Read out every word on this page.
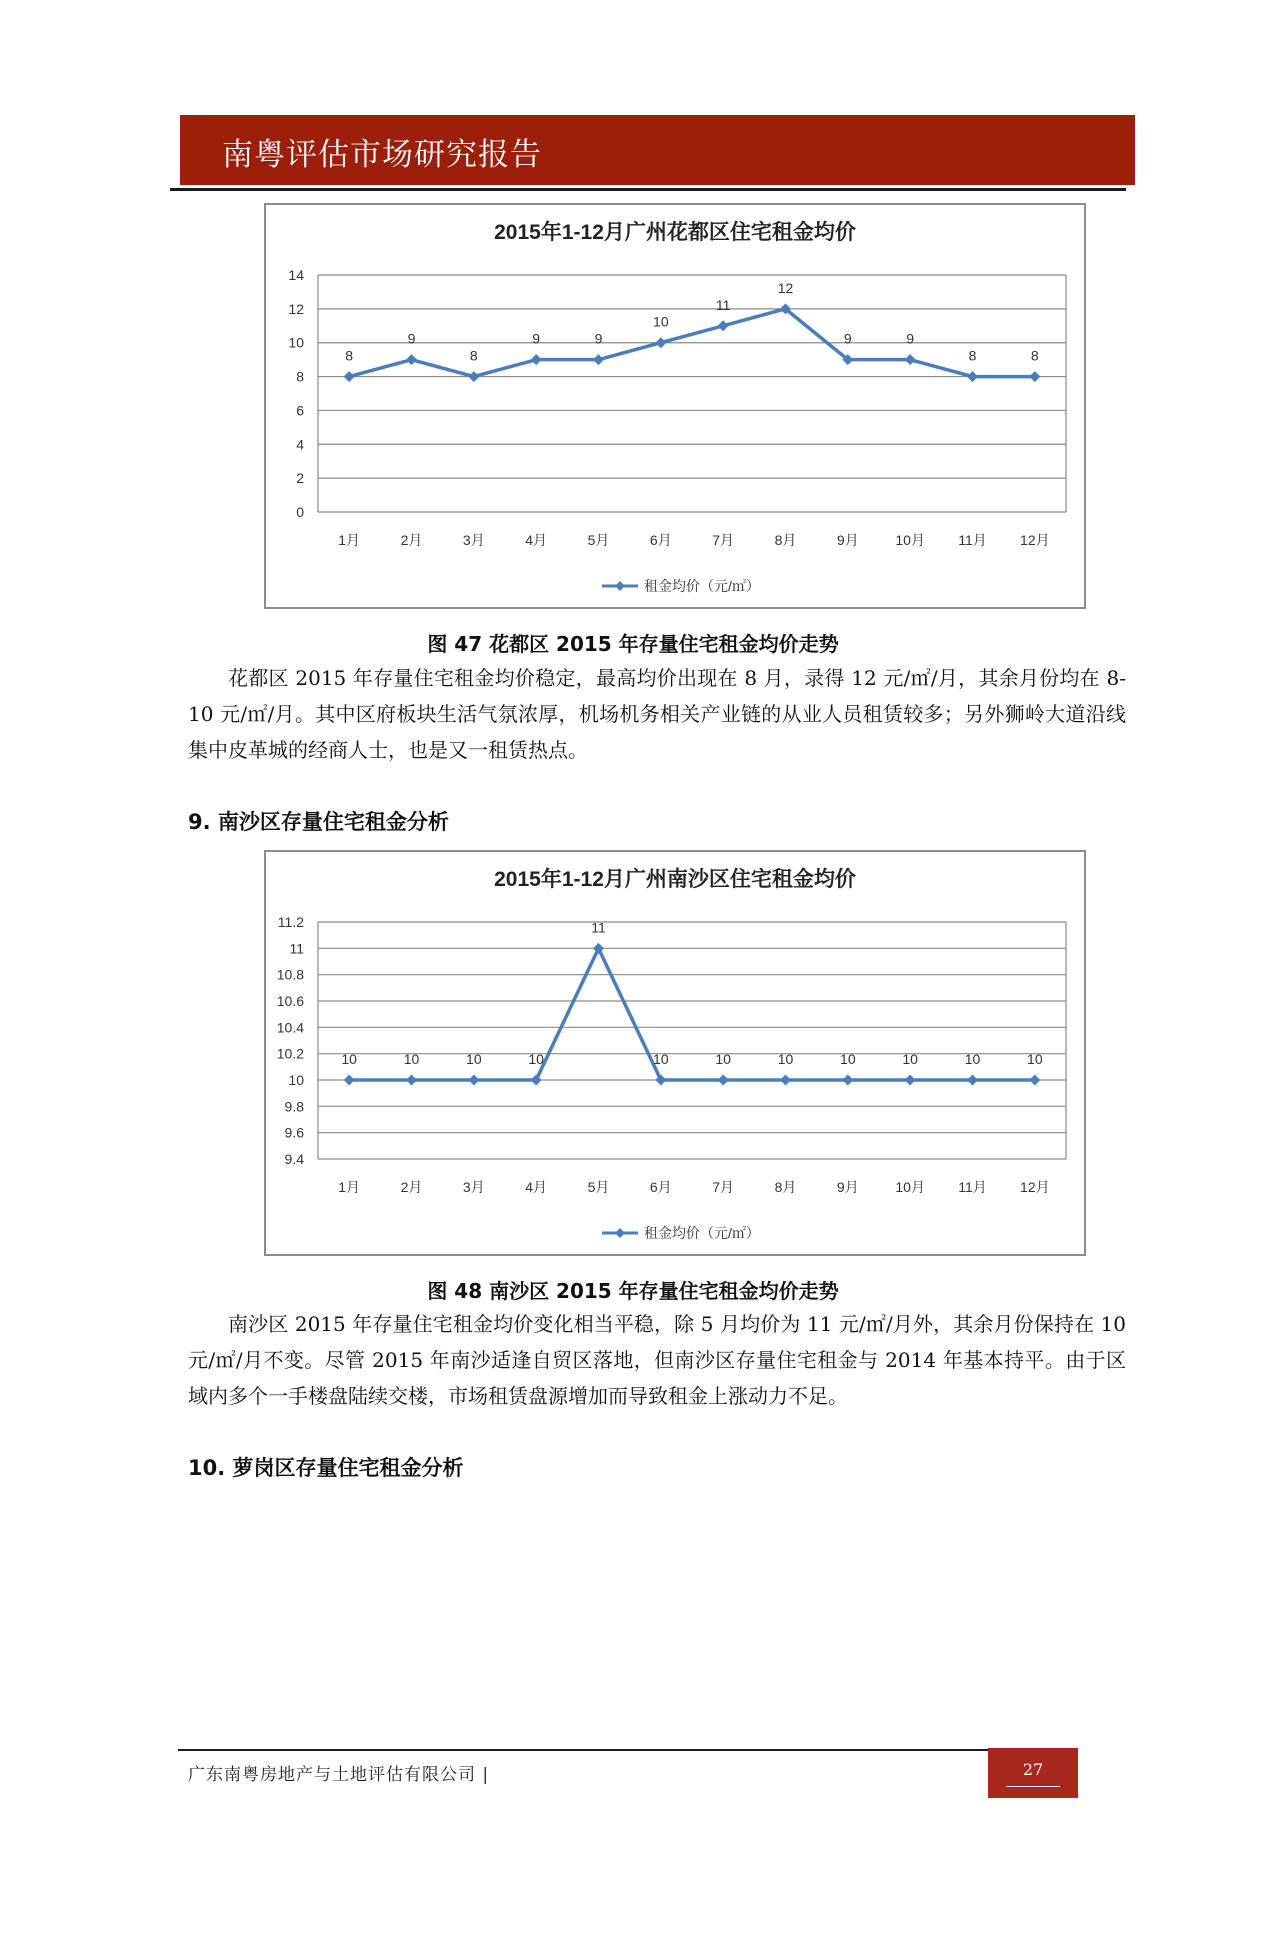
南粤评估市场研究报告
2015年1-12月广州花都区住宅租金均价
0
2
4
6
8
10
12
14
1月	2月	3月	4月	5月	6月	7月	8月	9月	10月 11月 12月
8
9
8
9	9
10
11
12
9	9
8	8
租金均价（元/㎡）
图 47 花都区 2015 年存量住宅租金均价走势
花都区 2015 年存量住宅租金均价稳定，最高均价出现在 8 月，录得 12 元/㎡/月，其余月份均在 8-10 元/㎡/月。其中区府板块生活气氛浓厚，机场机务相关产业链的从业人员租赁较多；另外狮岭大道沿线集中皮革城的经商人士，也是又一租赁热点。
9. 南沙区存量住宅租金分析
2015年1-12月广州南沙区住宅租金均价
9.4
9.6
9.8
10
10.2
10.4
10.6
10.8
11
11.2
1月	2月	3月	4月	5月	6月	7月	8月	9月	10月 11月 12月
10	10	10	10
11
10	10	10	10	10	10	10
租金均价（元/㎡）
图 48 南沙区 2015 年存量住宅租金均价走势
南沙区 2015 年存量住宅租金均价变化相当平稳，除 5 月均价为 11 元/㎡/月外，其余月份保持在 10 元/㎡/月不变。尽管 2015 年南沙适逢自贸区落地，但南沙区存量住宅租金与 2014 年基本持平。由于区域内多个一手楼盘陆续交楼，市场租赁盘源增加而导致租金上涨动力不足。
10. 萝岗区存量住宅租金分析
广东南粤房地产与土地评估有限公司 |	27
